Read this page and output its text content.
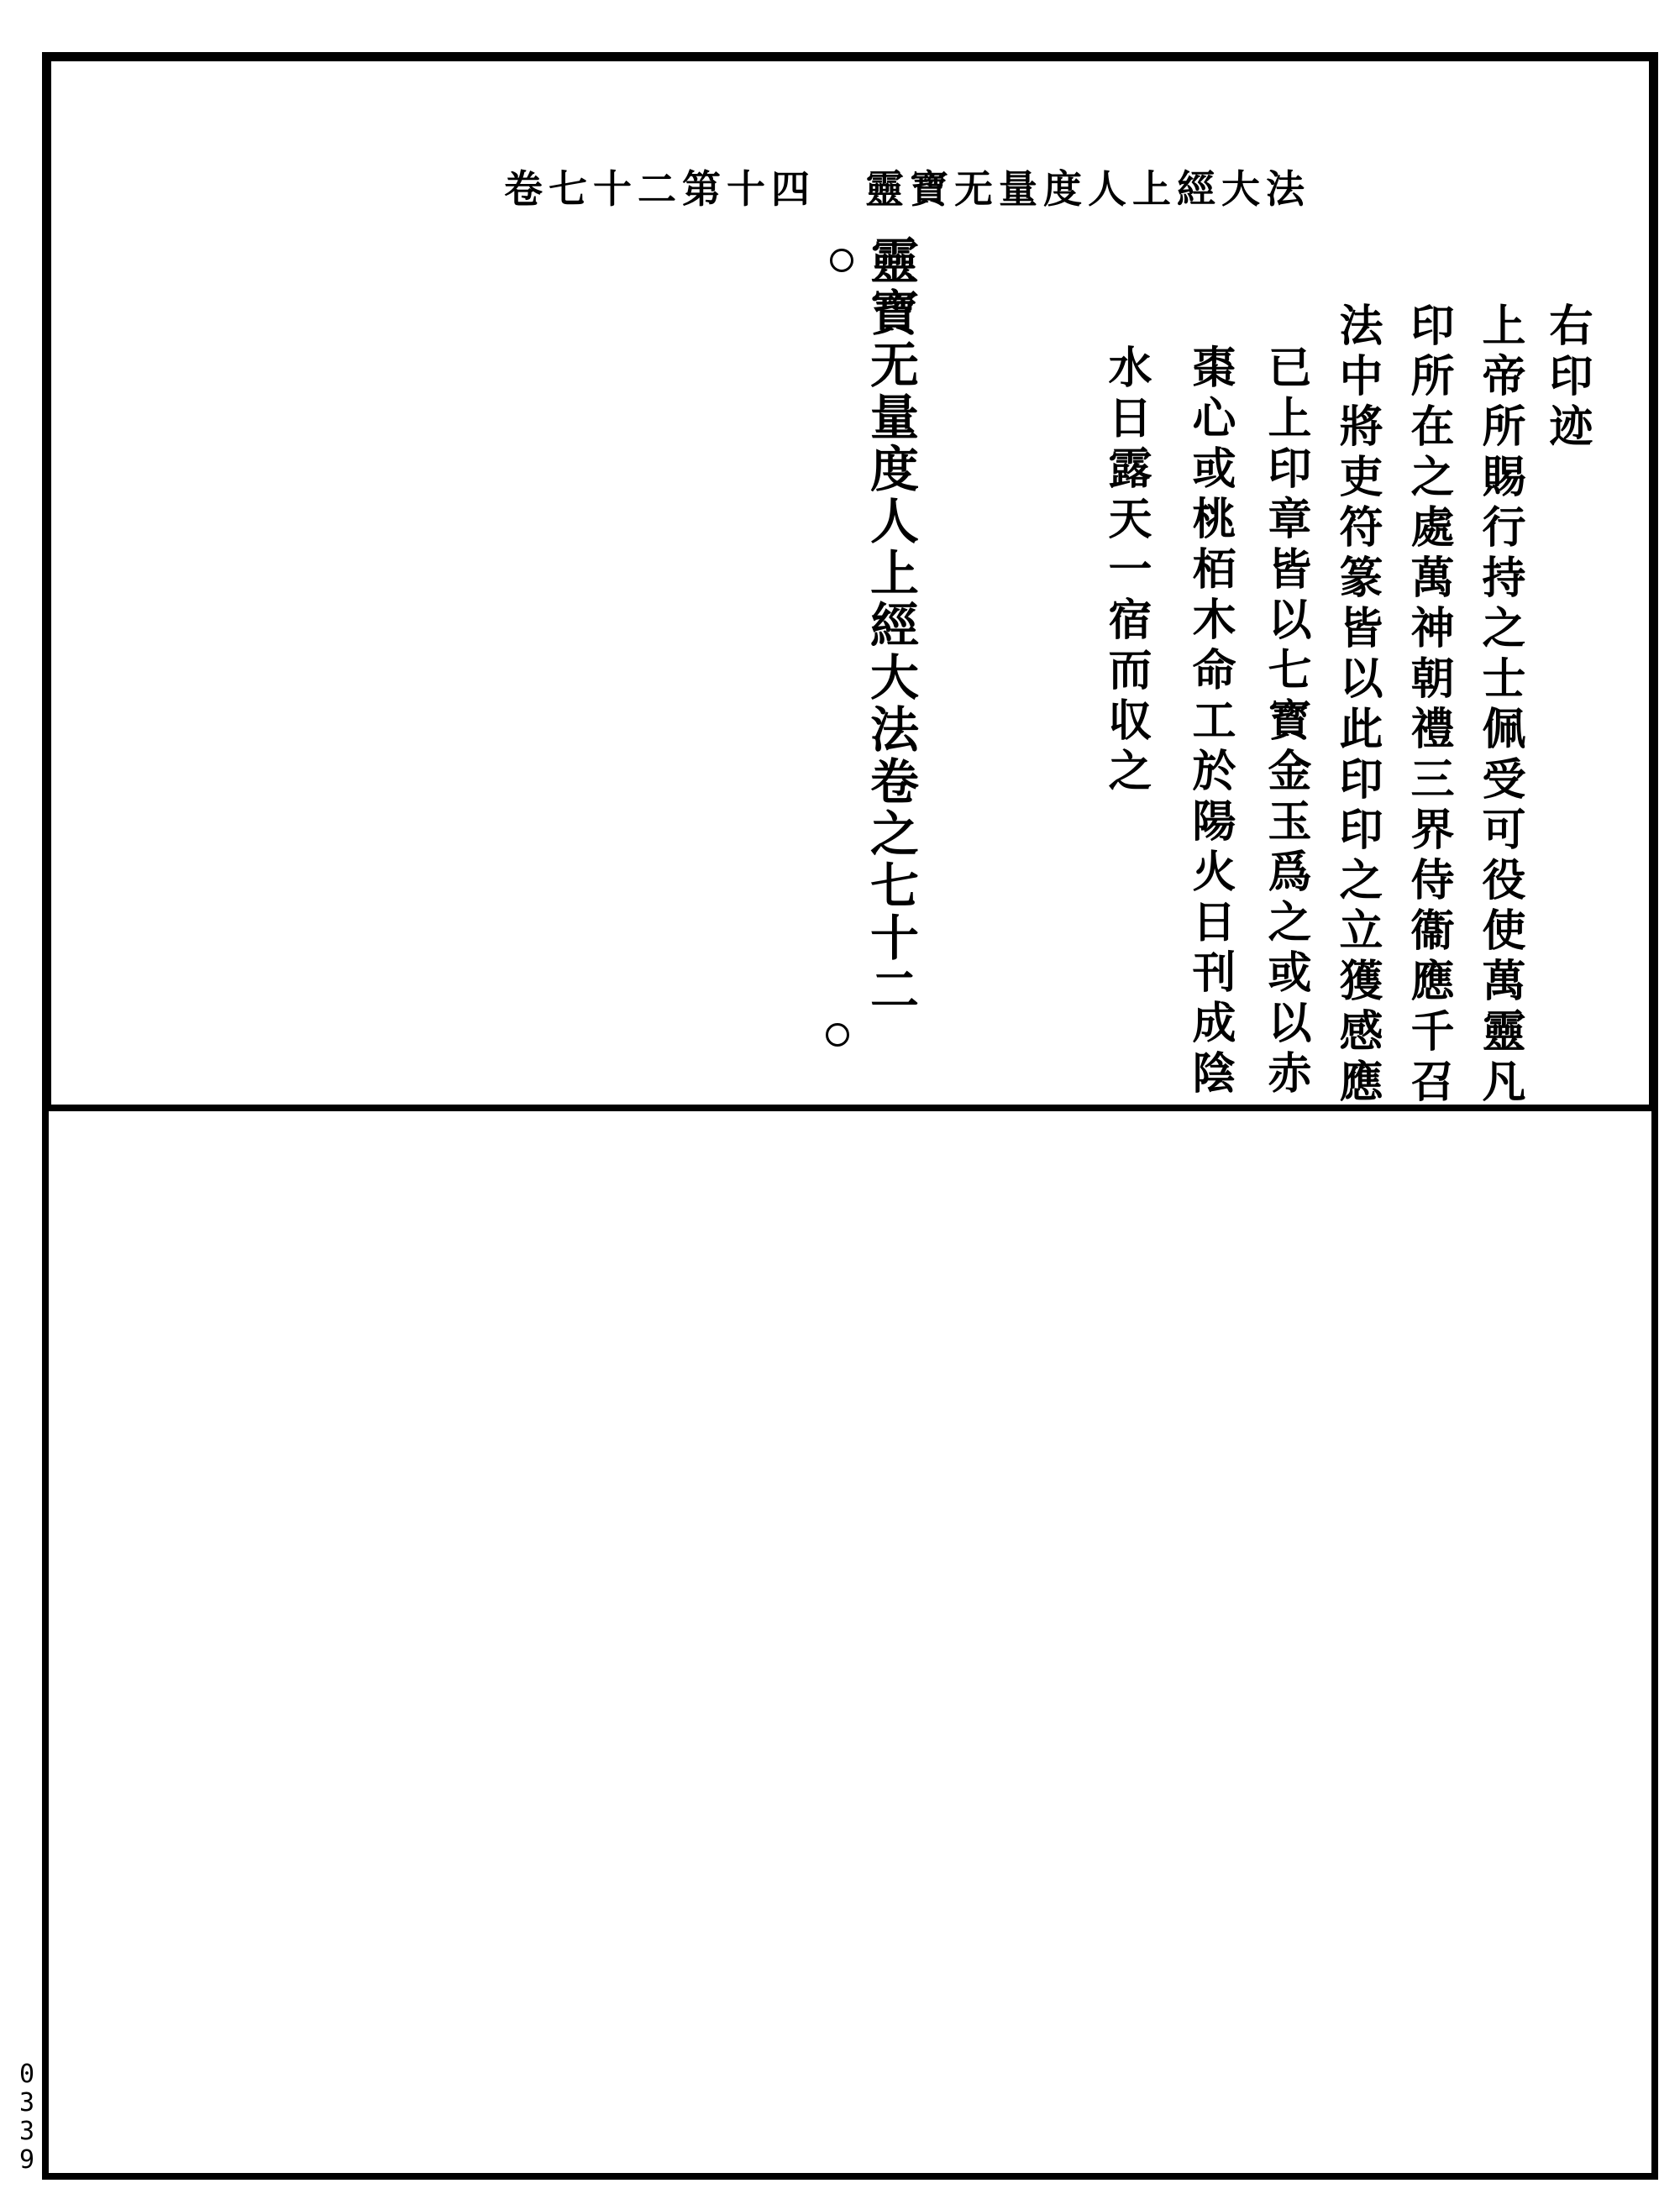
靈寶无量度人上經大法
卷七十二第十四
右印迹
上帝所賜行持之士佩受可役使萬靈凡
印所在之處萬神朝禮三界侍衞應千召
法中將吏符篆皆以此印印之立獲感應
已上印章皆以七寳金玉爲之或以赤
棗心或桃栢木命工於陽火日刊成陰
水日露天一宿而収之
靈寶无量度人上經大法卷之七十二
0339
